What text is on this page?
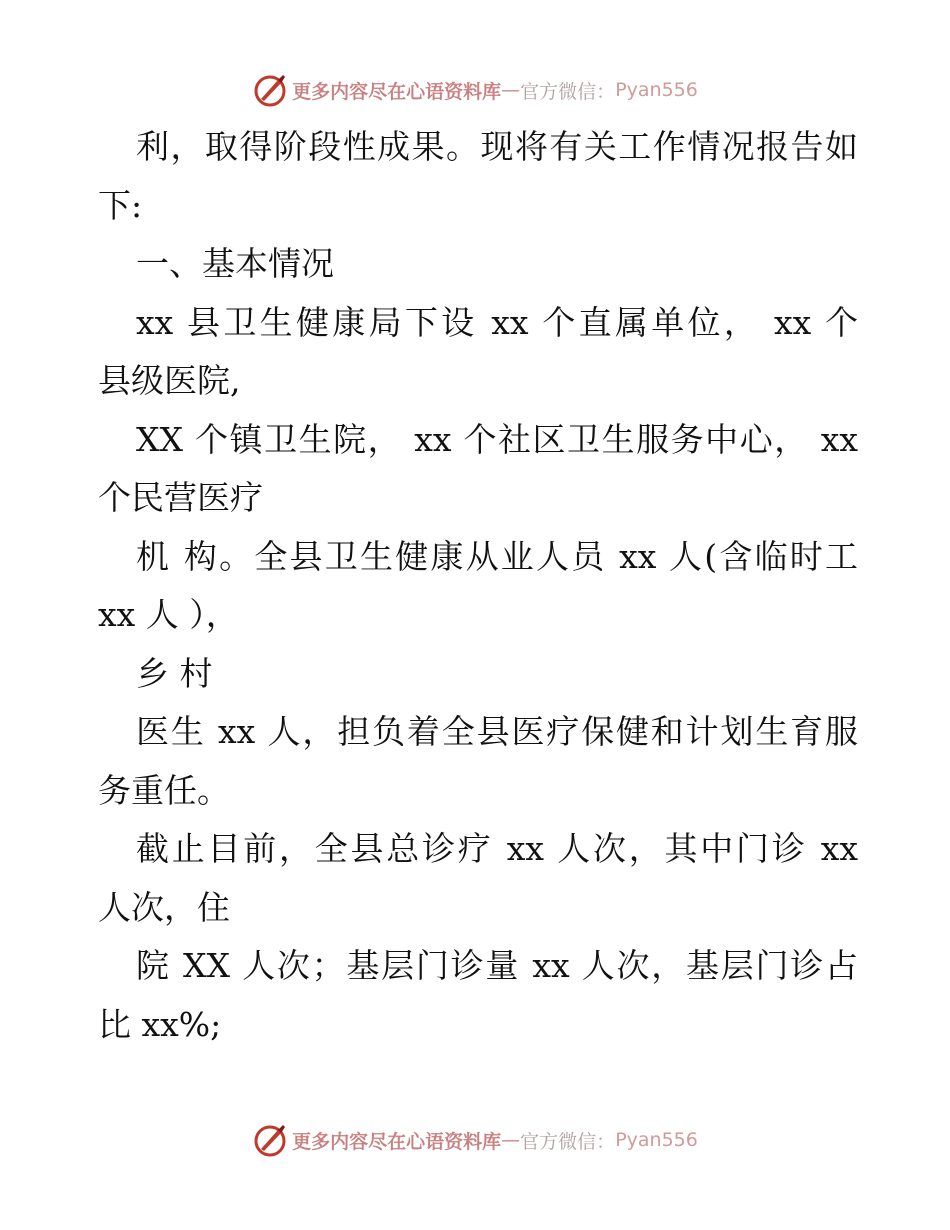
更多内容尽在心语资料库 — 官方微信： Pyan556
利，取得阶段性成果。现将有关工作情况报告如
下:
一、基本情况
xx 县卫生健康局下设 xx 个直属单位， xx 个
县级医院,
XX 个镇卫生院， xx 个社区卫生服务中心， xx
个民营医疗
机 构。全县卫生健康从业人员 xx 人(含临时工
xx 人 ），
乡 村
医生 xx 人，担负着全县医疗保健和计划生育服
务重任。
截止目前，全县总诊疗 xx 人次，其中门诊 xx
人次，住
院 XX 人次；基层门诊量 xx 人次，基层门诊占
比 xx%;
更多内容尽在心语资料库 — 官方微信： Pyan556
